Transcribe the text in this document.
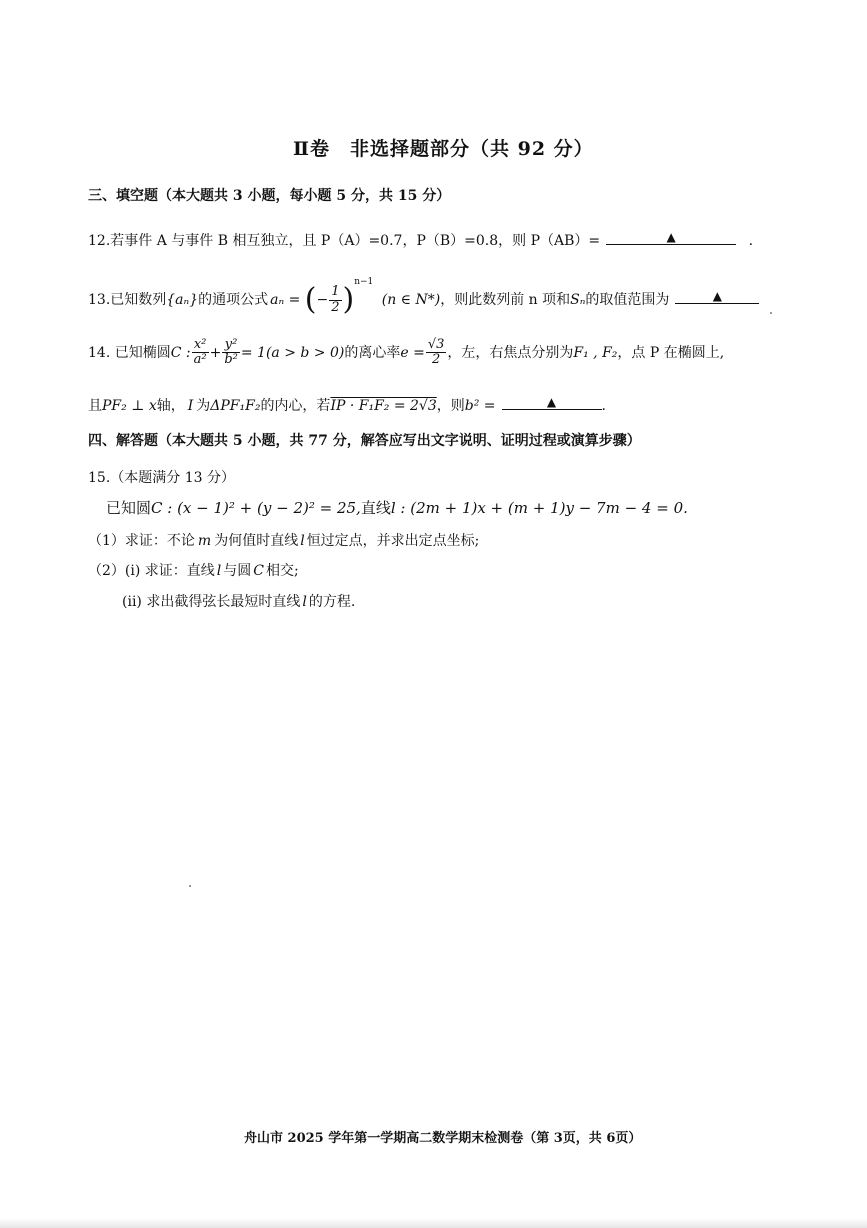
Ⅱ卷　非选择题部分（共 92 分）
三、填空题（本大题共 3 小题，每小题 5 分，共 15 分）
12.若事件 A 与事件 B 相互独立，且 P（A）=0.7，P（B）=0.8，则 P（AB）=	▲	.
13.已知数列{aₙ}的通项公式 aₙ = (− $\frac{1}{2} )^{n-1}$ (n ∈ N*)，则此数列前 n 项和Sₙ的取值范围为	▲
14. 已知椭圆C : $\frac{\text{x²}}{\text{a²}} + \frac{\text{y²}}{\text{b²}} = 1(a > b > 0)$的离心率$e = \frac{√3}{2}$ ，左，右焦点分别为F₁ , F₂，点 P 在椭圆上,
且PF₂ ⊥ x轴， I 为ΔPF₁F₂的内心，若IP · F₁F₂ = 2√3，则b² =	▲	.
四、解答题（本大题共 5 小题，共 77 分，解答应写出文字说明、证明过程或演算步骤）
15.（本题满分 13 分）
已知圆C : (x − 1)² + (y − 2)² = 25,直线l : (2m + 1)x + (m + 1)y − 7m − 4 = 0.
（1）求证：不论 m 为何值时直线 l 恒过定点，并求出定点坐标;
（2）(i) 求证：直线 l 与圆 C 相交;
(ii) 求出截得弦长最短时直线 l 的方程.
舟山市 2025 学年第一学期高二数学期末检测卷（第 3页，共 6页）
